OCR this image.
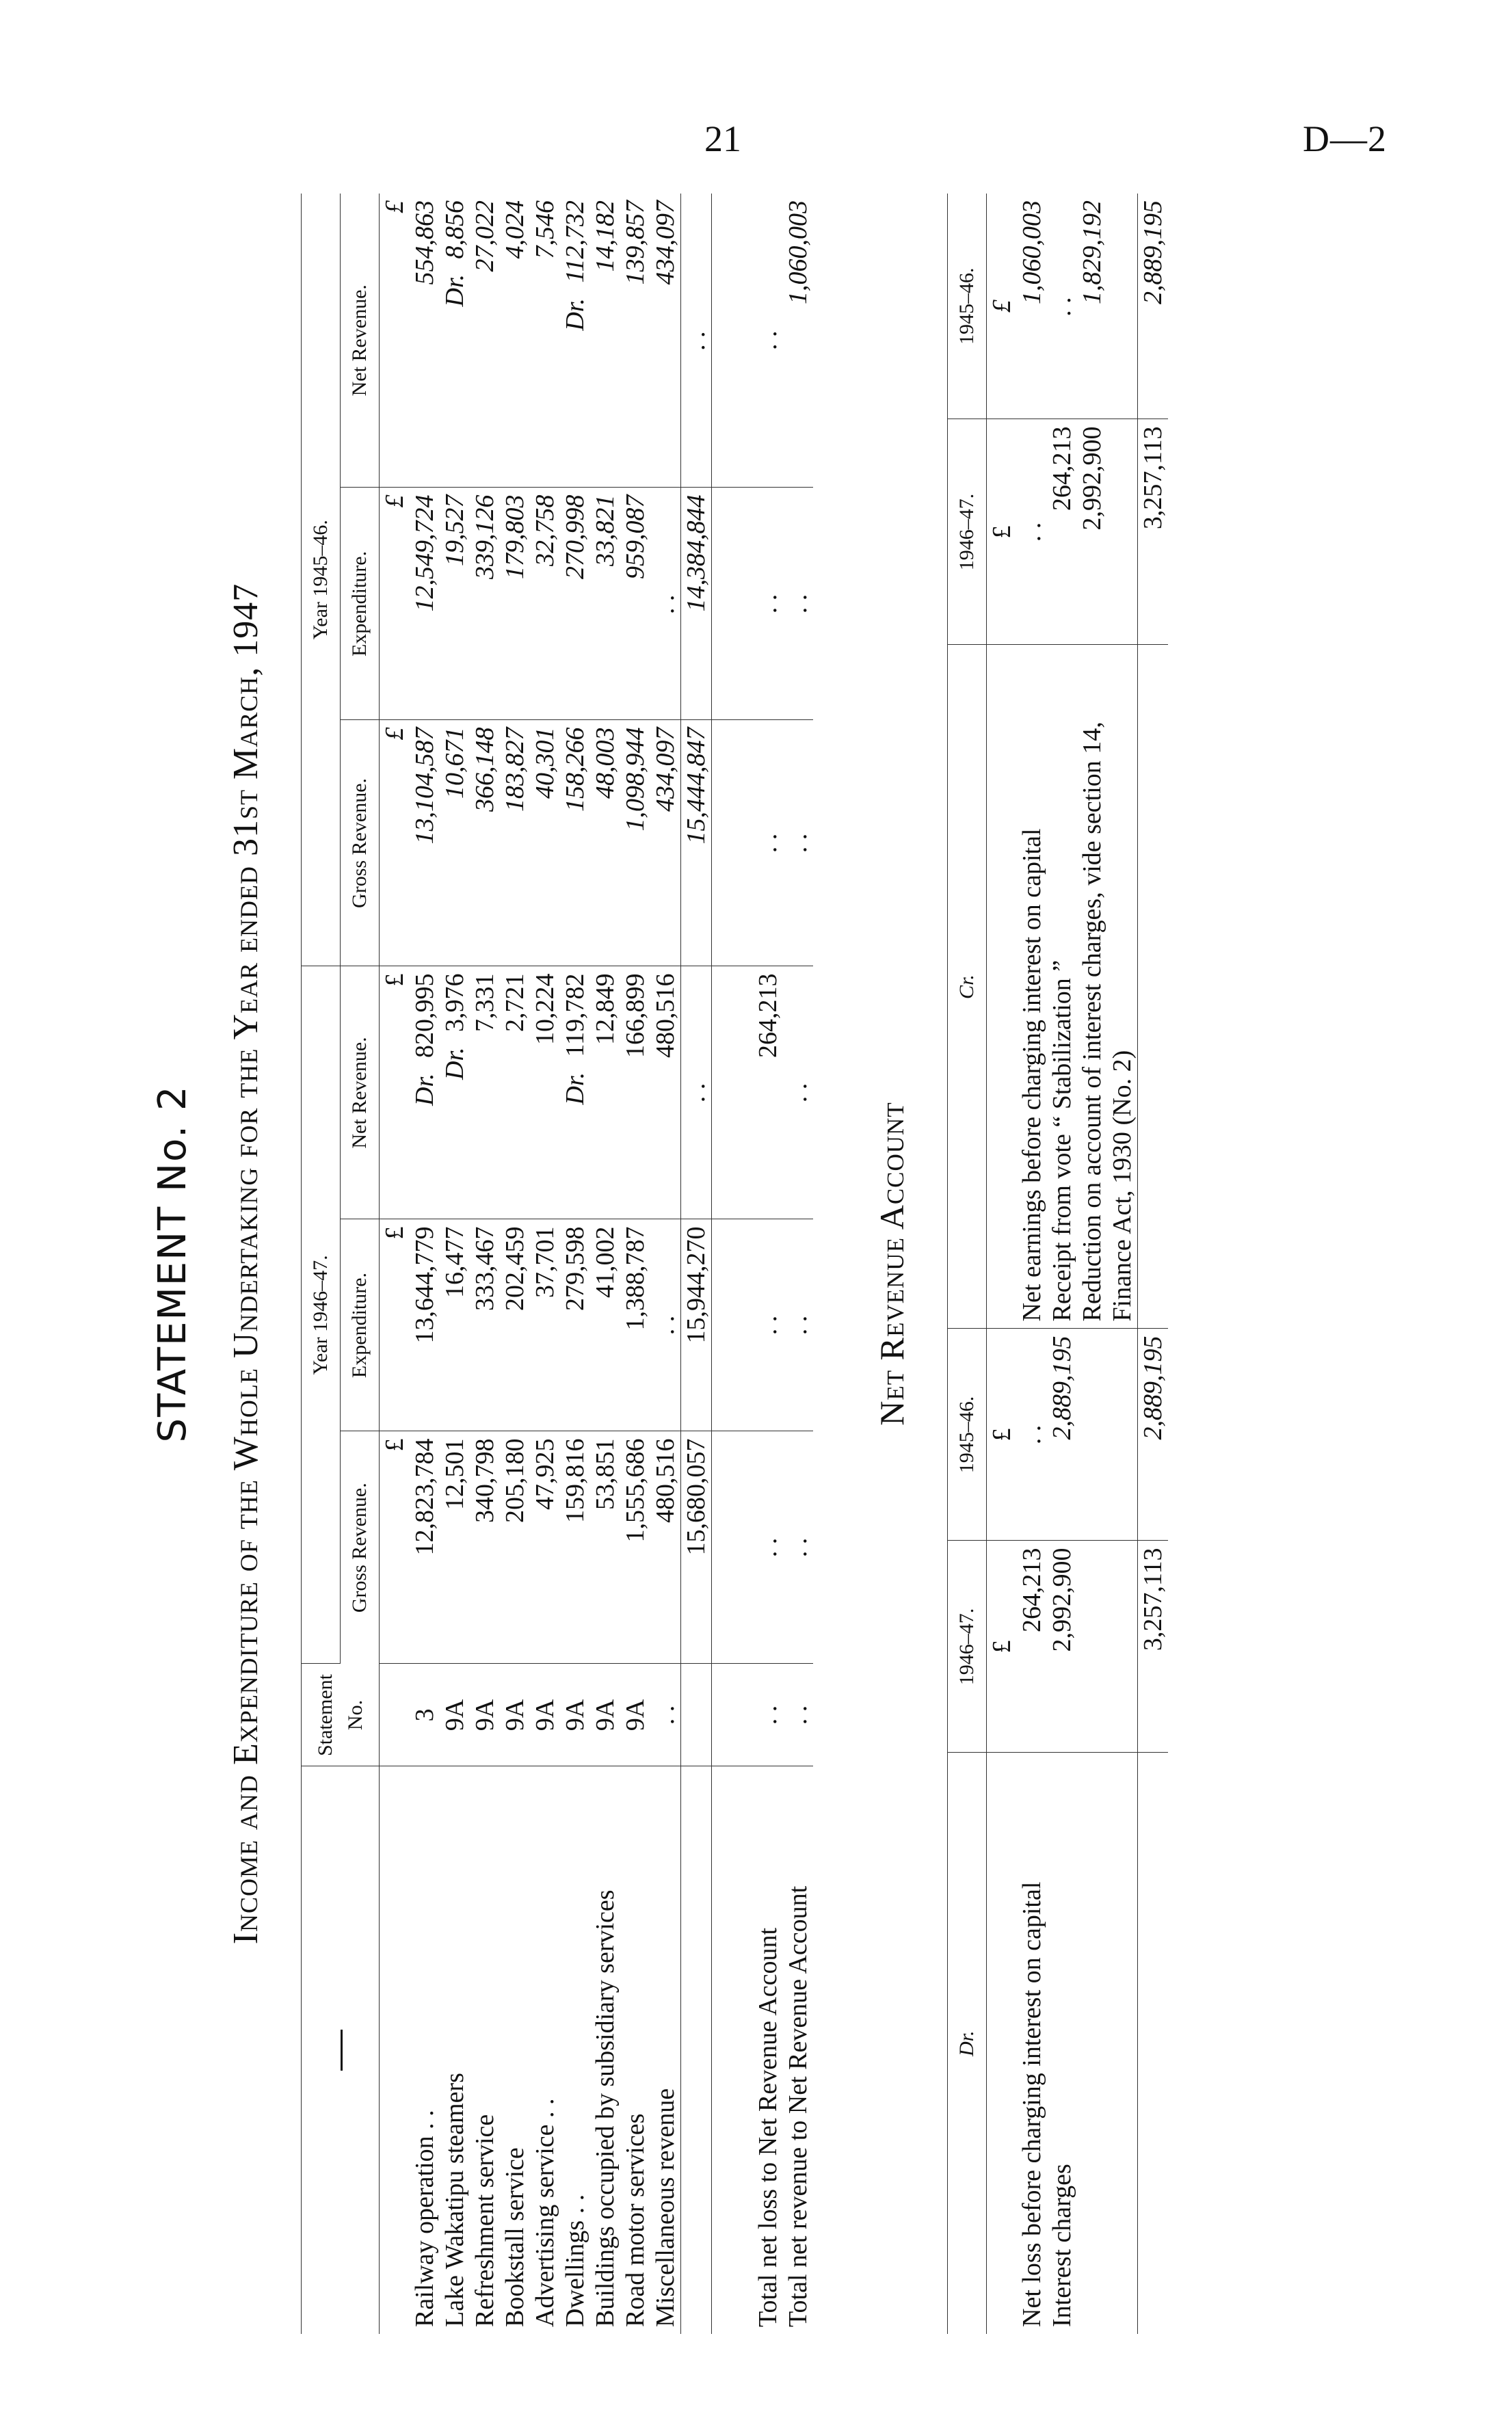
21	D—2
STATEMENT No. 2 Income and Expenditure of the Whole Undertaking for the Year ended 31st March, 1947
	Statement No.	Year 1946–47.			Year 1945–46.		
		Gross Revenue.	Expenditure.	Net Revenue.	Gross Revenue.	Expenditure.	Net Revenue.
		£	£	£	£	£	£
Railway operation . .	3	12,823,784	13,644,779	Dr.820,995	13,104,587	12,549,724	554,863
Lake Wakatipu steamers	9A	12,501	16,477	Dr.3,976	10,671	19,527	Dr.8,856
Refreshment service	9A	340,798	333,467	7,331	366,148	339,126	27,022
Bookstall service	9A	205,180	202,459	2,721	183,827	179,803	4,024
Advertising service . .	9A	47,925	37,701	10,224	40,301	32,758	7,546
Dwellings . .	9A	159,816	279,598	Dr.119,782	158,266	270,998	Dr.112,732
Buildings occupied by subsidiary services	9A	53,851	41,002	12,849	48,003	33,821	14,182
Road motor services	9A	1,555,686	1,388,787	166,899	1,098,944	959,087	139,857
Miscellaneous revenue	. .	480,516	. .	480,516	434,097	. .	434,097
		15,680,057	15,944,270	. .	15,444,847	14,384,844	. .

Total net loss to Net Revenue Account	. .	. .	. .	264,213	. .	. .	. .
Total net revenue to Net Revenue Account	. .	. .	. .	. .	. .	. .	1,060,003
Net Revenue Account
Dr.	1946–47.	1945–46.	Cr.	1946–47.	1945–46.
	£	£		£	£
Net loss before charging interest on capital	264,213	. .	Net earnings before charging interest on capital	. .	1,060,003
Interest charges	2,992,900	2,889,195	Receipt from vote “ Stabilization ”	264,213	. .
			Reduction on account of interest charges, vide section 14, Finance Act, 1930 (No. 2)	2,992,900	1,829,192
	3,257,113	2,889,195		3,257,113	2,889,195
